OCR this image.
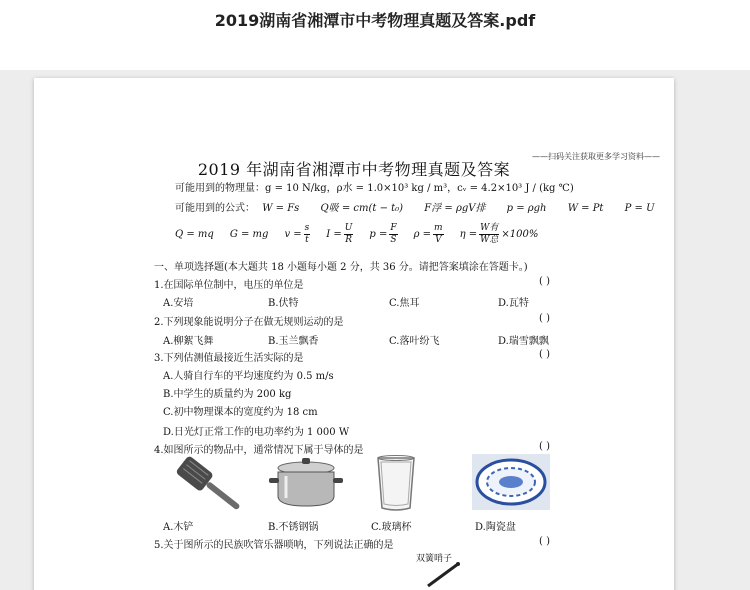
2019湖南省湘潭市中考物理真题及答案.pdf
——扫码关注获取更多学习资料——
2019 年湖南省湘潭市中考物理真题及答案
可能用到的物理量：g = 10 N/kg，ρ水 = 1.0×10³ kg / m³，cᵥ = 4.2×10³ J / (kg ℃)
可能用到的公式： W = Fs Q吸 = cm(t − t₀) F浮 = ρgV排 p = ρgh W = Pt P = U
Q = mq G = mg $v = \frac{s}{t}$ $I = \frac{U}{R}$ $p = \frac{F}{S}$ $\rho = \frac{m}{V}$ $\eta = \frac{\text{W有}}{\text{W总}} \times 100\%$
一、单项选择题(本大题共 18 小题每小题 2 分，共 36 分。请把答案填涂在答题卡。)
1.在国际单位制中，电压的单位是	( )
A.安培	B.伏特	C.焦耳	D.瓦特
2.下列现象能说明分子在做无规则运动的是	( )
A.柳絮飞舞	B.玉兰飘香	C.落叶纷飞	D.瑞雪飘飘
3.下列估测值最接近生活实际的是	( )
A.人骑自行车的平均速度约为 0.5 m/s
B.中学生的质量约为 200 kg
C.初中物理课本的宽度约为 18 cm
D.日光灯正常工作的电功率约为 1 000 W
4.如图所示的物品中，通常情况下属于导体的是	( )
A.木铲	B.不锈钢锅	C.玻璃杯	D.陶瓷盘
5.关于图所示的民族吹管乐器唢呐，下列说法正确的是	( )
双簧哨子
